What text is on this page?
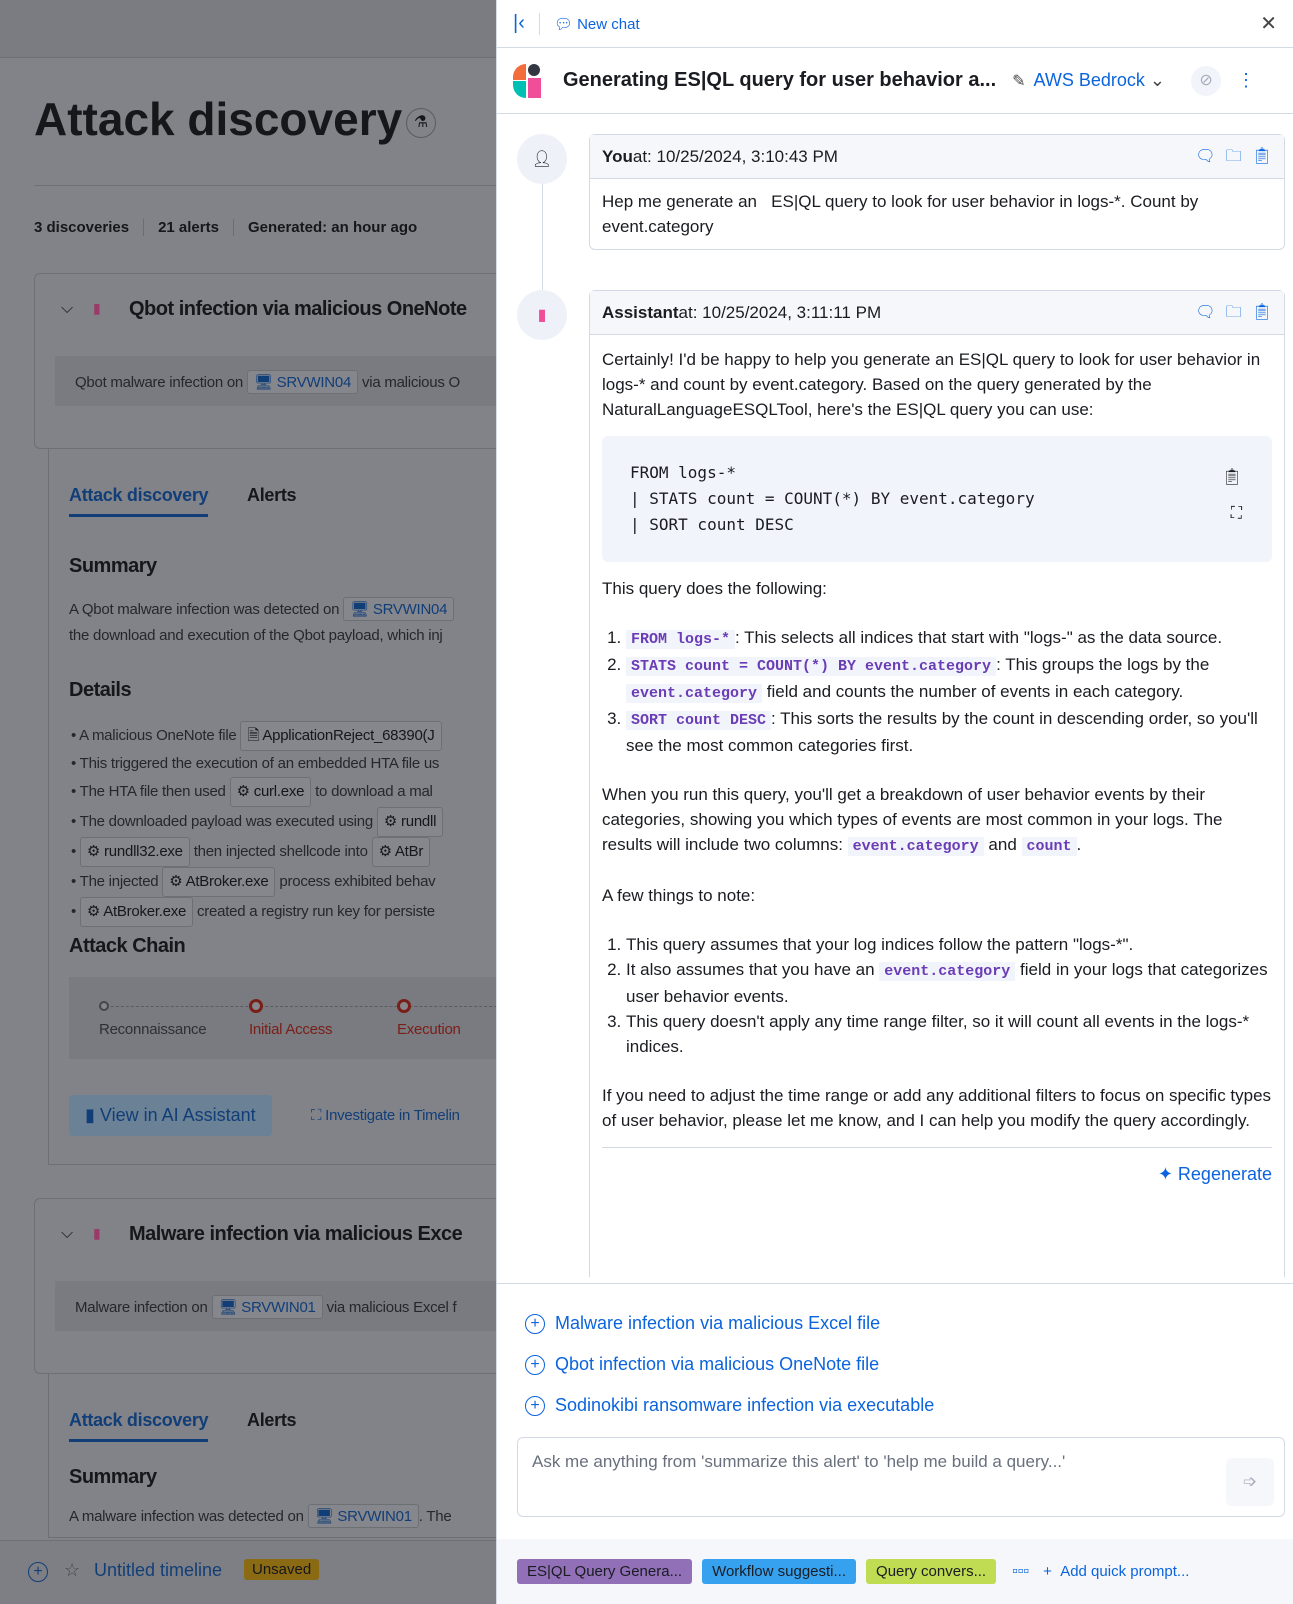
Attack discovery ⚗
3 discoveries	21 alerts	Generated: an hour ago
⌵ ▮ Qbot infection via malicious OneNote
Qbot malware infection on 🖥 SRVWIN04 via malicious O
Attack discovery Alerts
Summary
A Qbot malware infection was detected on 🖥 SRVWIN04
the download and execution of the Qbot payload, which inj
Details
• A malicious OneNote file 🗎 ApplicationReject_68390(J
• This triggered the execution of an embedded HTA file us
• The HTA file then used ⚙ curl.exe to download a mal
• The downloaded payload was executed using ⚙ rundll
• ⚙ rundll32.exe then injected shellcode into ⚙ AtBr
• The injected ⚙ AtBroker.exe process exhibited behav
• ⚙ AtBroker.exe created a registry run key for persiste
Attack Chain
Reconnaissance	Initial Access	Execution
▮ View in AI Assistant	⛶ Investigate in Timelin
⌵ ▮ Malware infection via malicious Exce
Malware infection on 🖥 SRVWIN01 via malicious Excel f
Attack discovery Alerts
Summary
A malware infection was detected on 🖥 SRVWIN01 . The
+ ☆ Untitled timeline	Unsaved
|‹ 💬︎ New chat	✕
Generating ES|QL query for user behavior a... ✎ AWS Bedrock ⌄	⊘	⋮
👤︎	You at: 10/25/2024, 3:10:43 PM	🗨︎ 🗀 📋︎
Hep me generate an   ES|QL query to look for user behavior in logs-*. Count by event.category
▮	Assistant at: 10/25/2024, 3:11:11 PM	🗨︎ 🗀 📋︎

Certainly! I'd be happy to help you generate an ES|QL query to look for user behavior in logs-* and count by event.category. Based on the query generated by the NaturalLanguageESQLTool, here's the ES|QL query you can use:

FROM logs-*
| STATS count = COUNT(*) BY event.category
| SORT count DESC
📋︎
⛶

This query does the following:

1. FROM logs-* : This selects all indices that start with "logs-" as the data source.
2. STATS count = COUNT(*) BY event.category : This groups the logs by the event.category field and counts the number of events in each category.
3. SORT count DESC : This sorts the results by the count in descending order, so you'll see the most common categories first.

When you run this query, you'll get a breakdown of user behavior events by their categories, showing you which types of events are most common in your logs. The results will include two columns: event.category and count .

A few things to note:

1. This query assumes that your log indices follow the pattern "logs-*".
2. It also assumes that you have an event.category field in your logs that categorizes user behavior events.
3. This query doesn't apply any time range filter, so it will count all events in the logs-* indices.

If you need to adjust the time range or add any additional filters to focus on specific types of user behavior, please let me know, and I can help you modify the query accordingly.

✦ Regenerate
+ Malware infection via malicious Excel file
+ Qbot infection via malicious OneNote file
+ Sodinokibi ransomware infection via executable
Ask me anything from 'summarize this alert' to 'help me build a query...'
➩
ES|QL Query Genera...	Workflow suggesti...	Query convers...	▫▫▫ +  Add quick prompt...
